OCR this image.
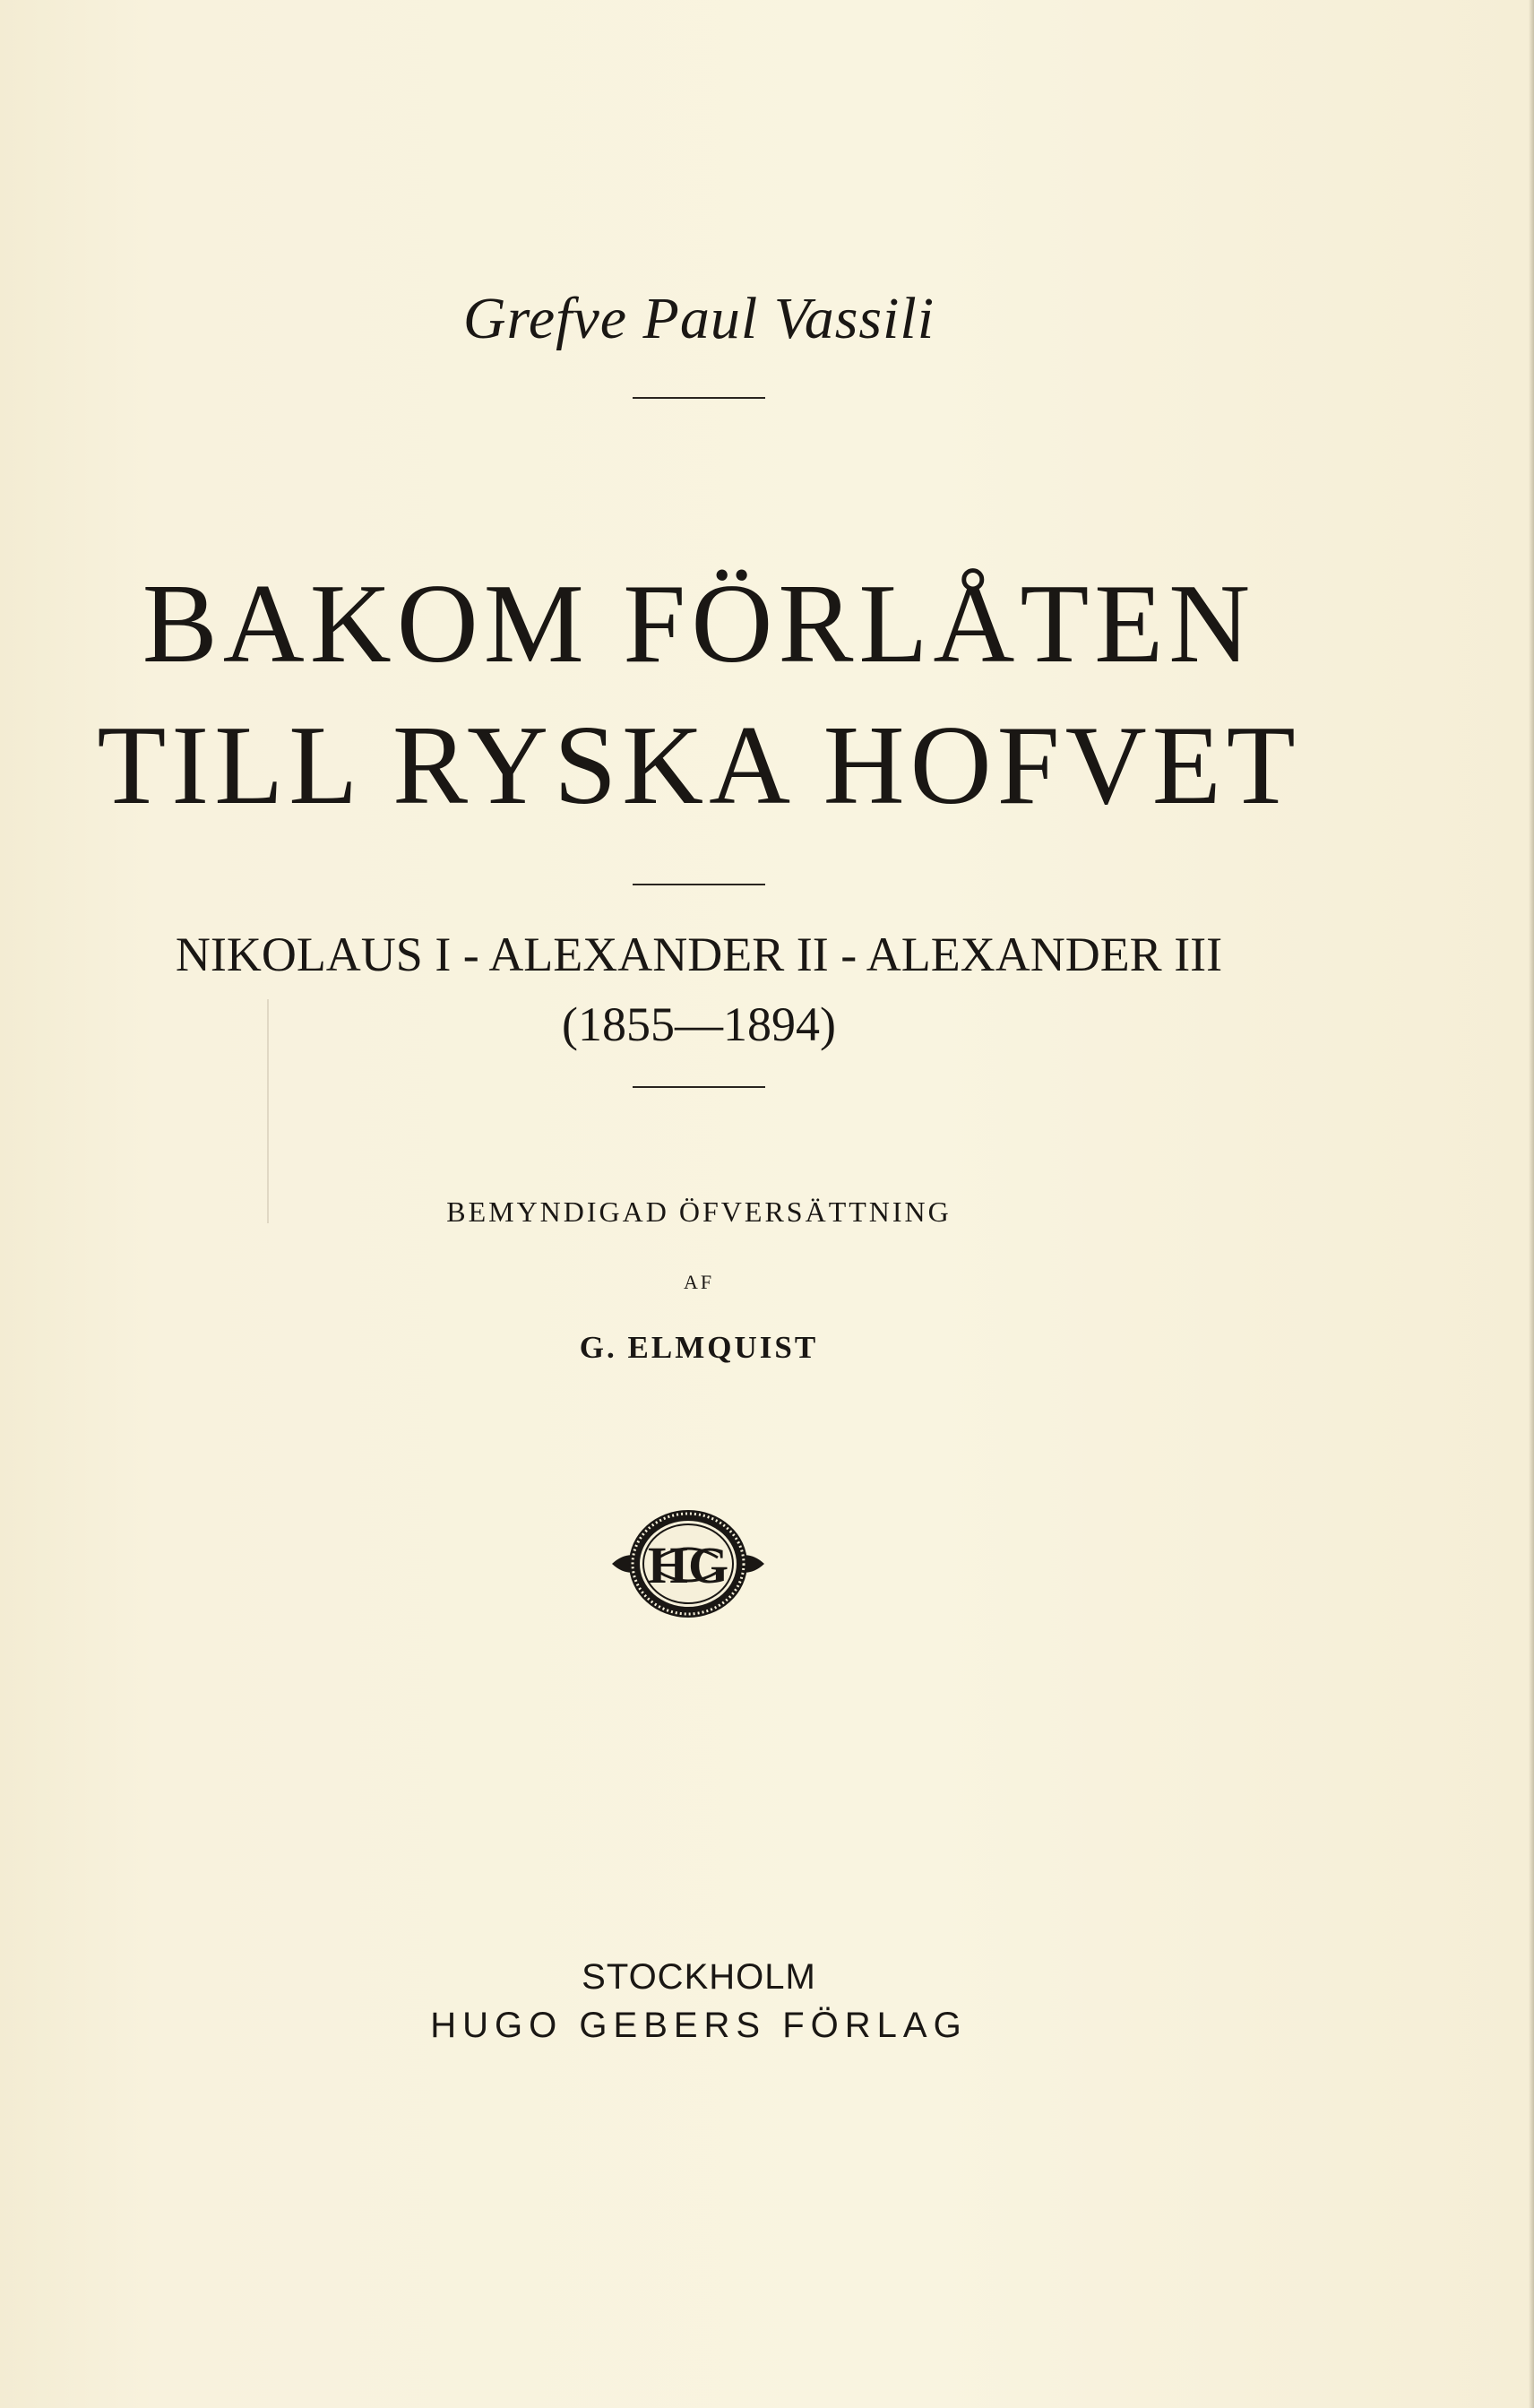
Grefve Paul Vassili
BAKOM FÖRLÅTEN
TILL RYSKA HOFVET
NIKOLAUS I - ALEXANDER II - ALEXANDER III
(1855—1894)
BEMYNDIGAD ÖFVERSÄTTNING
AF
G. ELMQUIST
HG
STOCKHOLM
HUGO GEBERS FÖRLAG
